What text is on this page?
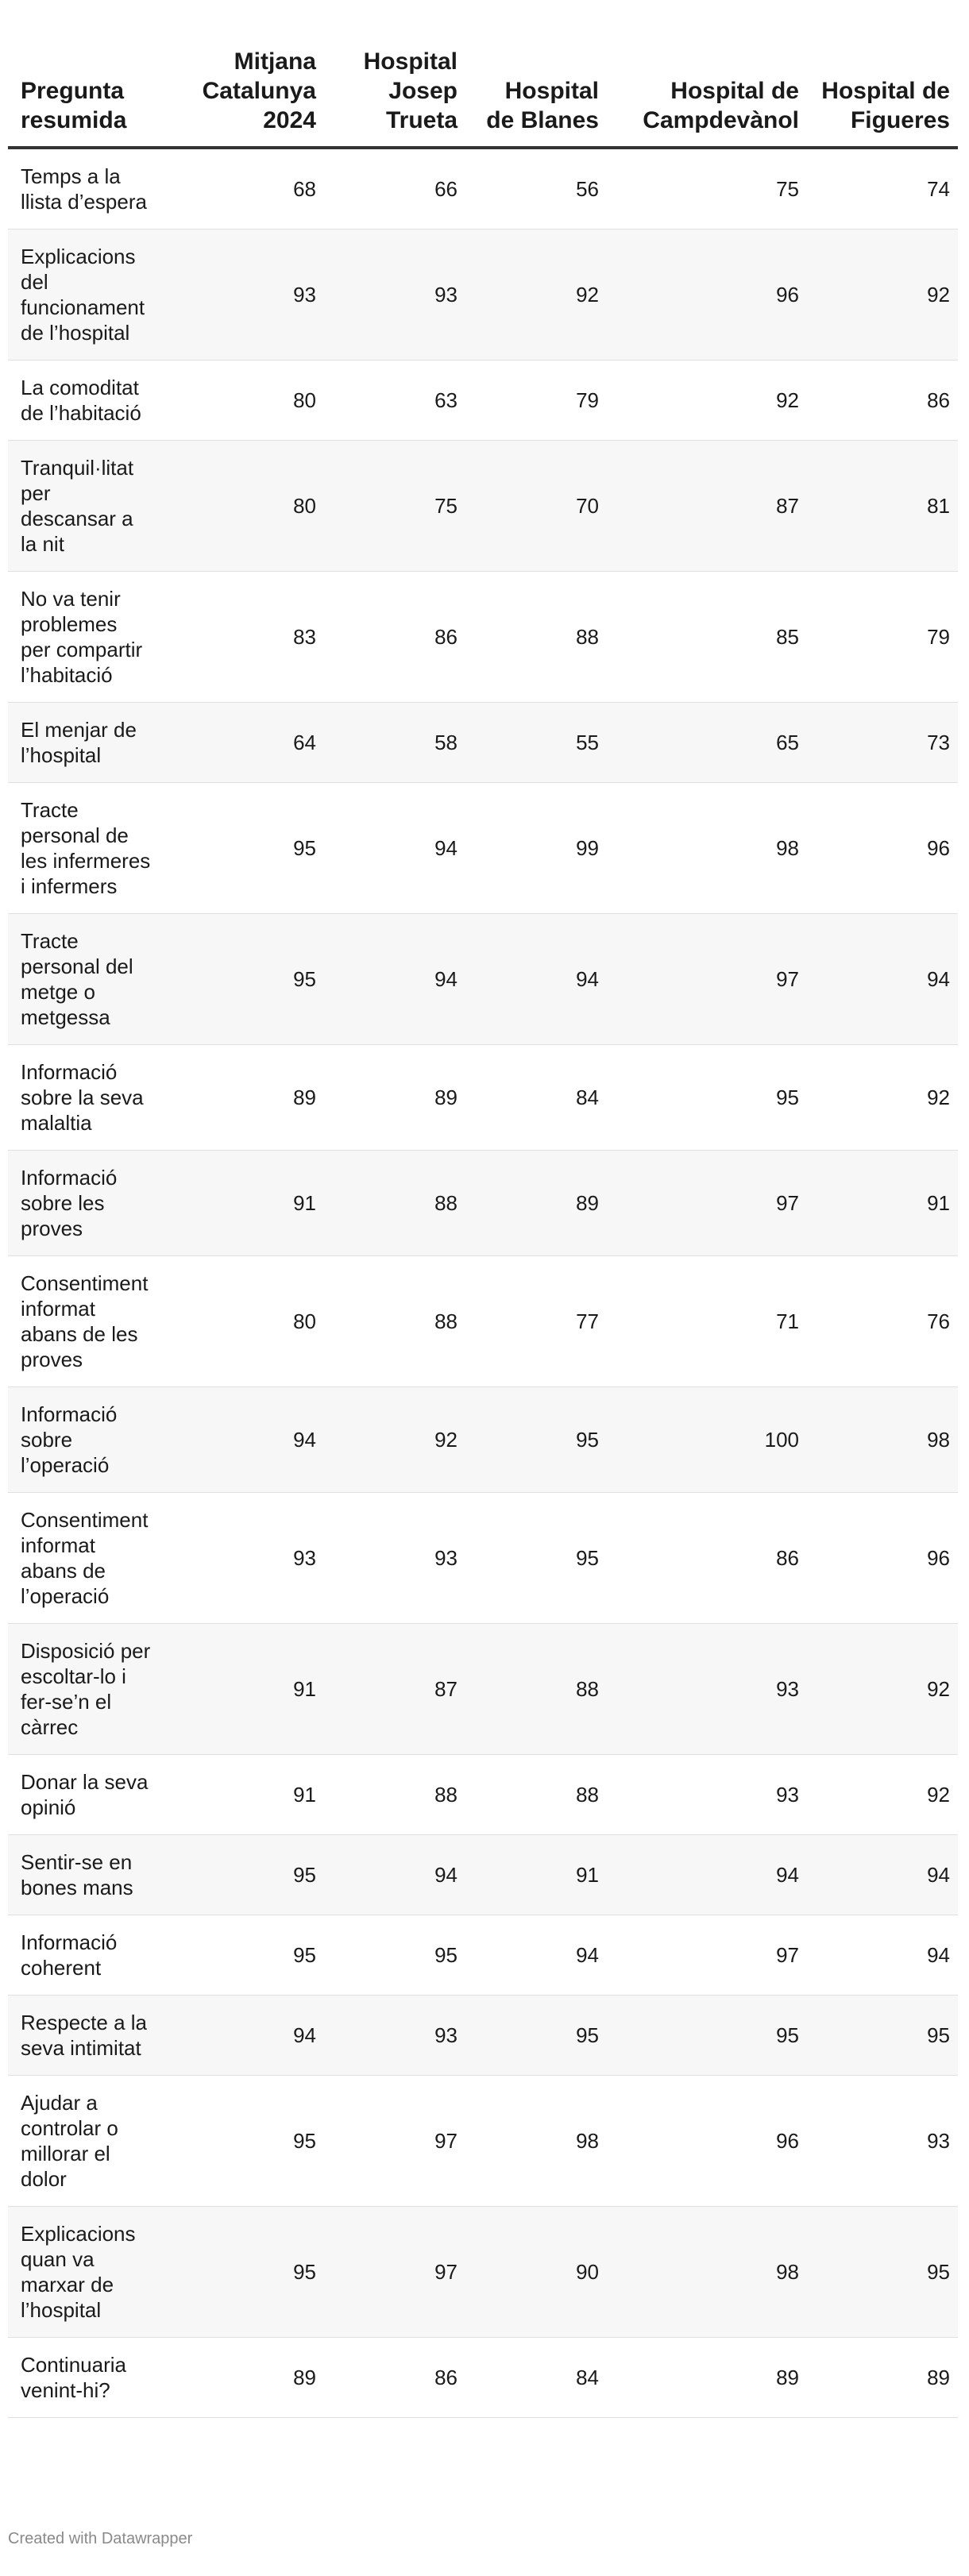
Pregunta resumida	Mitjana Catalunya 2024	Hospital Josep Trueta	Hospital de Blanes	Hospital de Campdevànol	Hospital de Figueres
Temps a la llista d’espera	68	66	56	75	74
Explicacions del funcionament de l’hospital	93	93	92	96	92
La comoditat de l’habitació	80	63	79	92	86
Tranquil·litat per descansar a la nit	80	75	70	87	81
No va tenir problemes per compartir l’habitació	83	86	88	85	79
El menjar de l’hospital	64	58	55	65	73
Tracte personal de les infermeres i infermers	95	94	99	98	96
Tracte personal del metge o metgessa	95	94	94	97	94
Informació sobre la seva malaltia	89	89	84	95	92
Informació sobre les proves	91	88	89	97	91
Consentiment informat abans de les proves	80	88	77	71	76
Informació sobre l’operació	94	92	95	100	98
Consentiment informat abans de l’operació	93	93	95	86	96
Disposició per escoltar-lo i fer-se’n el càrrec	91	87	88	93	92
Donar la seva opinió	91	88	88	93	92
Sentir-se en bones mans	95	94	91	94	94
Informació coherent	95	95	94	97	94
Respecte a la seva intimitat	94	93	95	95	95
Ajudar a controlar o millorar el dolor	95	97	98	96	93
Explicacions quan va marxar de l’hospital	95	97	90	98	95
Continuaria venint-hi?	89	86	84	89	89
Created with Datawrapper
